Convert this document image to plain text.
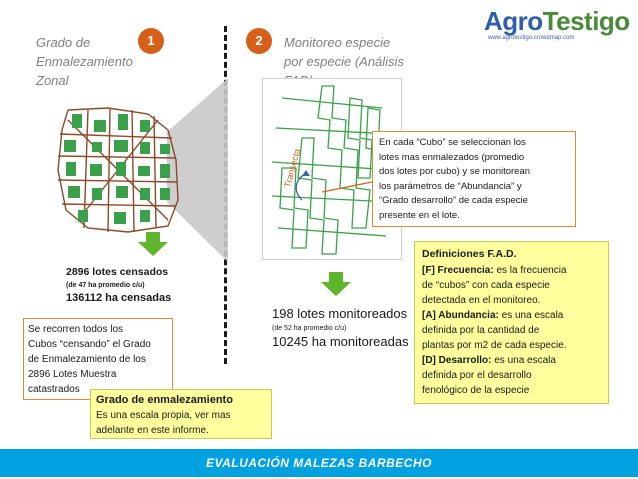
AgroTestigo
www.agrotestigo.crowdmap.com
Grado de
Enmalezamiento
Zonal
1	2	Monitoreo especie
por especie (Análisis
Transecta
En cada “Cubo” se seleccionan los
lotes mas enmalezados (promedio
dos lotes por cubo) y se monitorean
los parámetros de “Abundancia” y
“Grado desarrollo” de cada especie
presente en el lote.
2896 lotes censados
(de 47 ha promedio c/u)
136112 ha censadas
198 lotes monitoreados
(de 52 ha promedio c/u)
10245 ha monitoreadas
Se recorren todos los
Cubos “censando” el Grado
de Enmalezamiento de los
2896 Lotes Muestra
catastrados
Grado de enmalezamiento
Es una escala propia, ver mas
adelante en este informe.
Definiciones F.A.D.
[F] Frecuencia: es la frecuencia
de “cubos” con cada especie
detectada en el monitoreo.
[A] Abundancia: es una escala
definida por la cantidad de
plantas por m2 de cada especie.
[D] Desarrollo: es una escala
definida por el desarrollo
fenológico de la especie
EVALUACIÓN MALEZAS BARBECHO
